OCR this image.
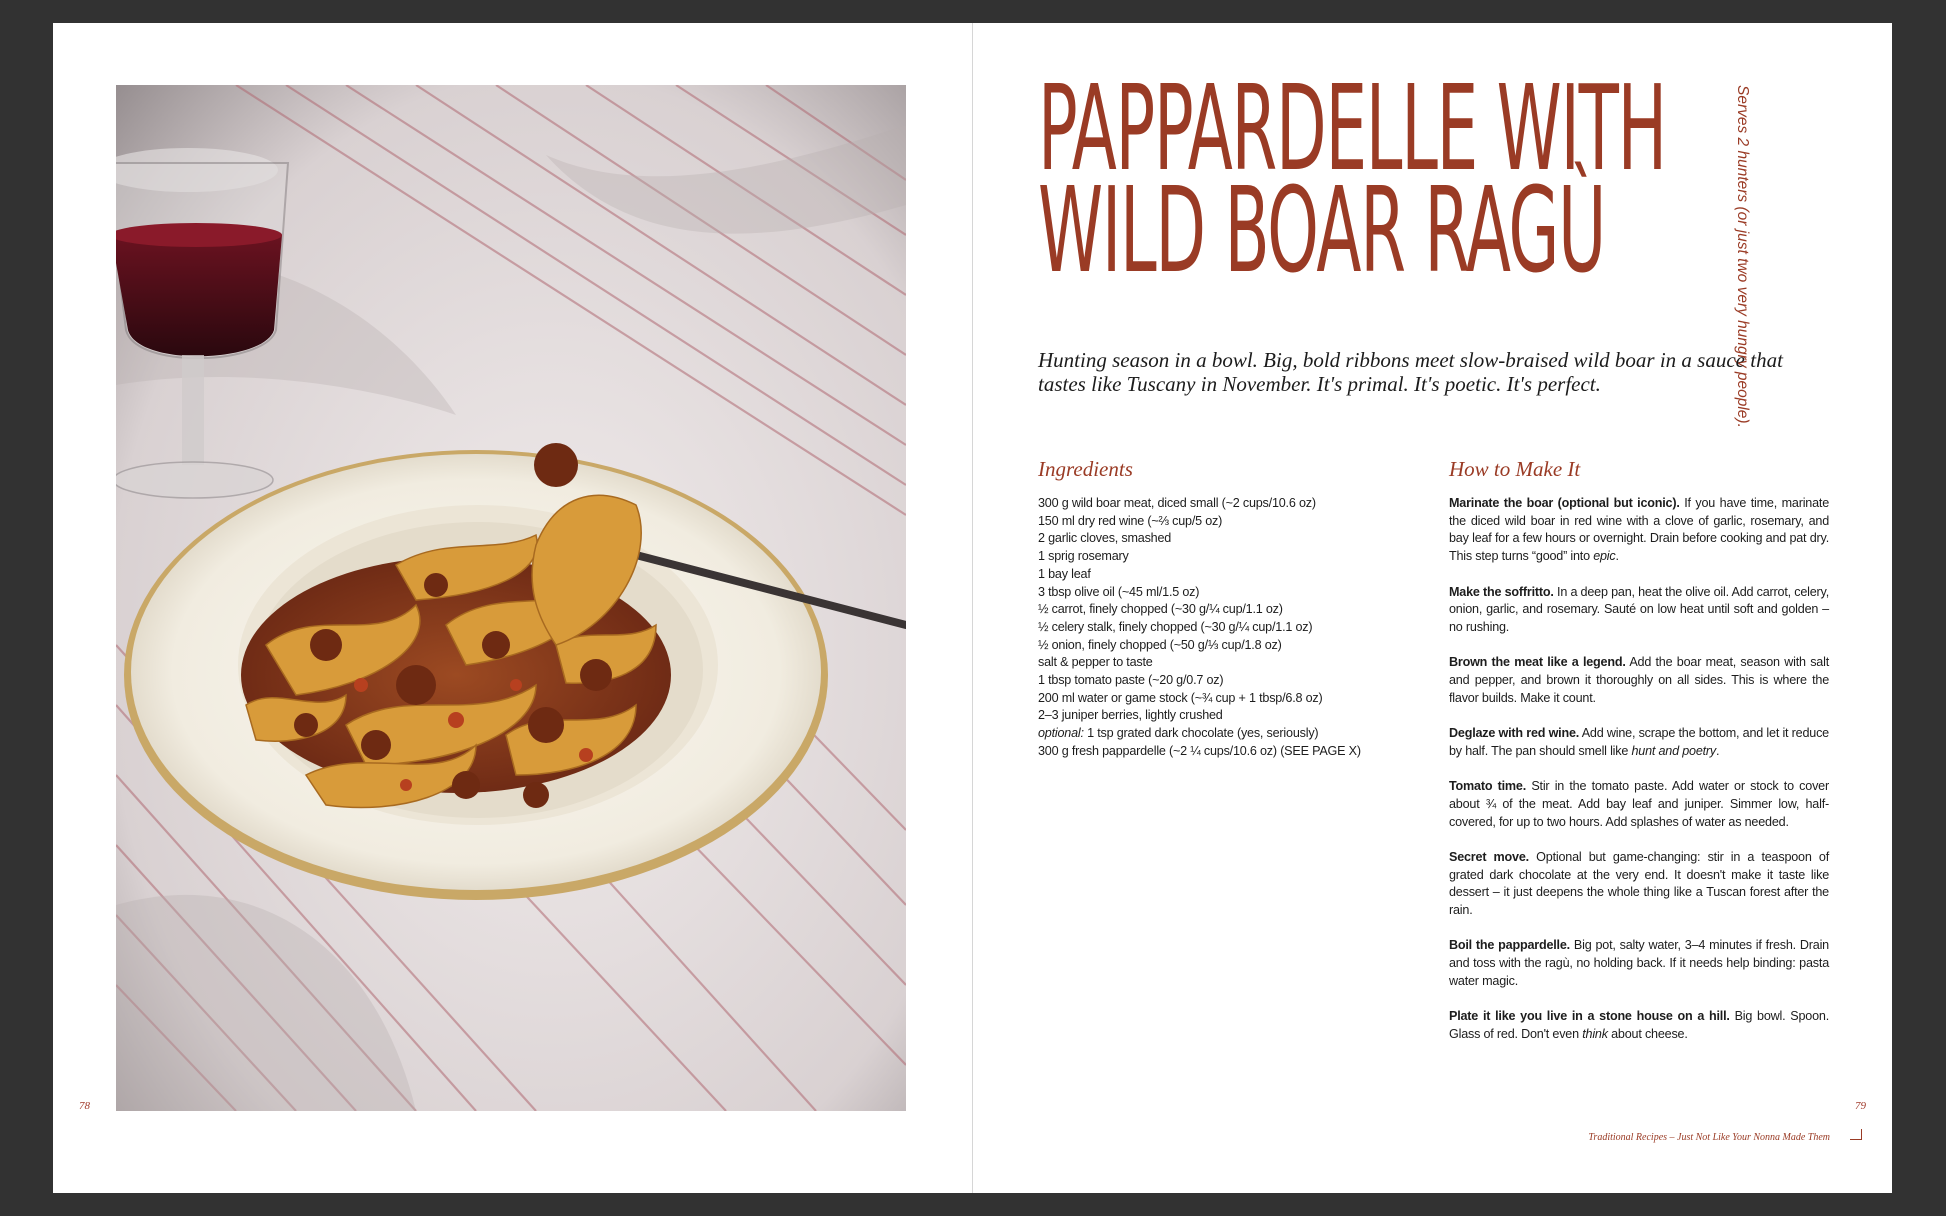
78
PAPPARDELLE WITH
WILD BOAR RAGÙ	Serves 2 hunters (or just two very hungry people).

Hunting season in a bowl. Big, bold ribbons meet slow-braised wild boar in a sauce that tastes like Tuscany in November. It's primal. It's poetic. It's perfect.

Ingredients
300 g wild boar meat, diced small (~2 cups/10.6 oz)
150 ml dry red wine (~⅔ cup/5 oz)
2 garlic cloves, smashed
1 sprig rosemary
1 bay leaf
3 tbsp olive oil (~45 ml/1.5 oz)
½ carrot, finely chopped (~30 g/¼ cup/1.1 oz)
½ celery stalk, finely chopped (~30 g/¼ cup/1.1 oz)
½ onion, finely chopped (~50 g/⅓ cup/1.8 oz)
salt & pepper to taste
1 tbsp tomato paste (~20 g/0.7 oz)
200 ml water or game stock (~¾ cup + 1 tbsp/6.8 oz)
2–3 juniper berries, lightly crushed
optional: 1 tsp grated dark chocolate (yes, seriously)
300 g fresh pappardelle (~2 ¼ cups/10.6 oz) (SEE PAGE X)
How to Make It

Marinate the boar (optional but iconic). If you have time, marinate the diced wild boar in red wine with a clove of garlic, rosemary, and bay leaf for a few hours or overnight. Drain before cooking and pat dry. This step turns “good” into epic.

Make the soffritto. In a deep pan, heat the olive oil. Add carrot, celery, onion, garlic, and rosemary. Sauté on low heat until soft and golden – no rushing.

Brown the meat like a legend. Add the boar meat, season with salt and pepper, and brown it thoroughly on all sides. This is where the flavor builds. Make it count.

Deglaze with red wine. Add wine, scrape the bottom, and let it reduce by half. The pan should smell like hunt and poetry.

Tomato time. Stir in the tomato paste. Add water or stock to cover about ¾ of the meat. Add bay leaf and juniper. Simmer low, half-covered, for up to two hours. Add splashes of water as needed.

Secret move. Optional but game-changing: stir in a teaspoon of grated dark chocolate at the very end. It doesn't make it taste like dessert – it just deepens the whole thing like a Tuscan forest after the rain.

Boil the pappardelle. Big pot, salty water, 3–4 minutes if fresh. Drain and toss with the ragù, no holding back. If it needs help binding: pasta water magic.

Plate it like you live in a stone house on a hill. Big bowl. Spoon. Glass of red. Don't even think about cheese.

79
Traditional Recipes – Just Not Like Your Nonna Made Them
